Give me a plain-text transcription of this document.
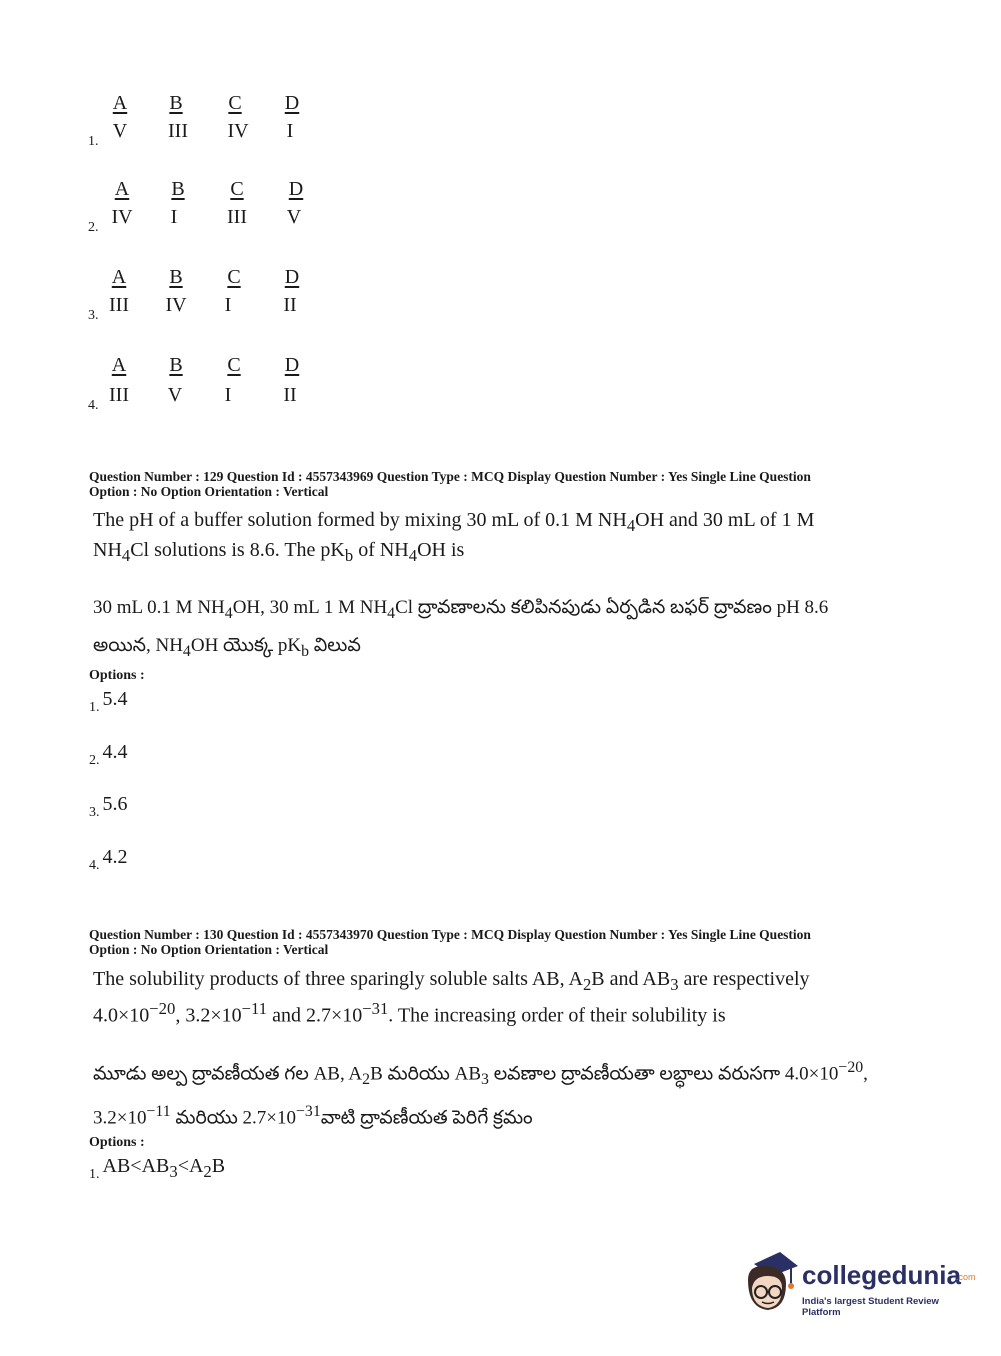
1.
A	B	C	D
V	III	IV	I
2.
A	B	C	D
IV	I	III	V
3.
A	B	C	D
III	IV	I	II
4.
A	B	C	D
III	V	I	II
Question Number : 129 Question Id : 4557343969 Question Type : MCQ Display Question Number : Yes Single Line Question
Option : No Option Orientation : Vertical
The pH of a buffer solution formed by mixing 30 mL of 0.1 M $NH_4OH$ and 30 mL of 1 M $NH_4Cl$ solutions is 8.6. The $pK_b$ of $NH_4OH$ is
30 mL 0.1 M $NH_4OH$, 30 mL 1 M $NH_4Cl$ ద్రావణాలను కలిపినపుడు ఏర్పడిన బఫర్ ద్రావణం pH 8.6 అయిన, $NH_4OH$ యొక్క $pK_b$ విలువ
Options :
$_{1.}$ 5.4
$_{2.}$ 4.4
$_{3.}$ 5.6
$_{4.}$ 4.2
Question Number : 130 Question Id : 4557343970 Question Type : MCQ Display Question Number : Yes Single Line Question
Option : No Option Orientation : Vertical
The solubility products of three sparingly soluble salts AB, $A_2B$ and $AB_3$ are respectively $4.0\times 10^{-20}$, $3.2\times 10^{-11}$ and $2.7\times 10^{-31}$. The increasing order of their solubility is
మూడు అల్ప ద్రావణీయత గల AB, $A_2B$ మరియు $AB_3$ లవణాల ద్రావణీయతా లబ్ధాలు వరుసగా $4.0\times 10^{-20}$, $3.2\times 10^{-11}$ మరియు $2.7\times 10^{-31}వాటి$ ద్రావణీయత పెరిగే క్రమం
Options :
$_{1.}$ $AB<AB_3<A_2B$
collegedunia
.com
India's largest Student Review Platform
